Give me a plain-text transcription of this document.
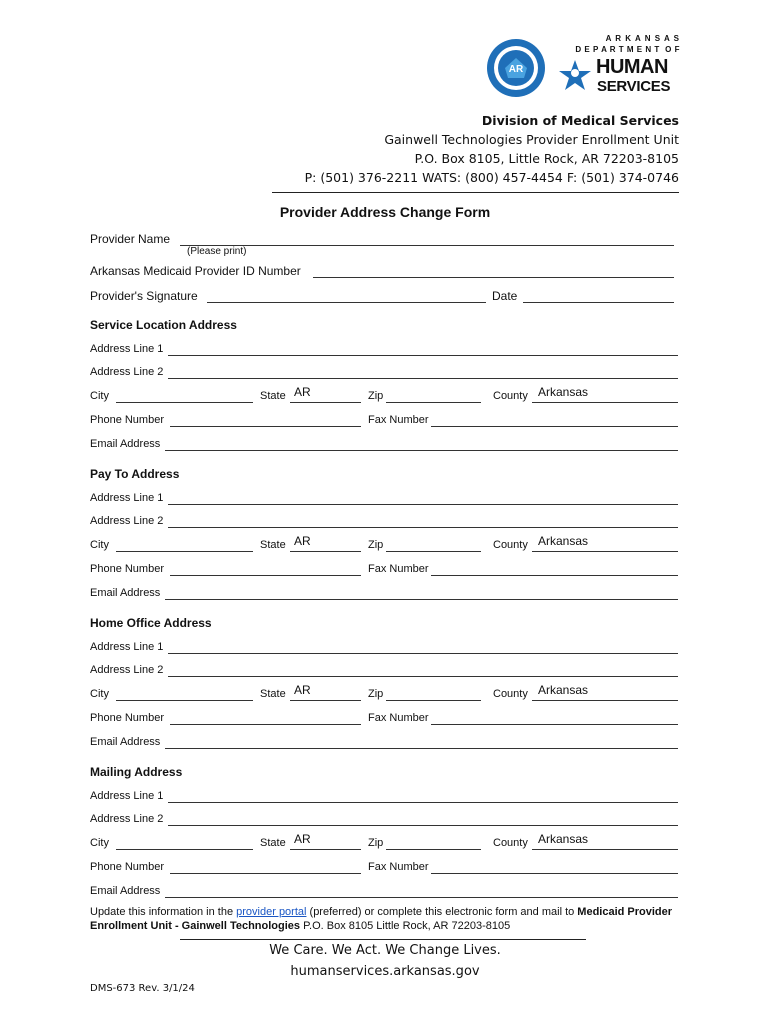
AR
A R K A N S A S
D E P A R T M E N T  O F
HUMAN
SERVICES
Division of Medical Services
Gainwell Technologies Provider Enrollment Unit
P.O. Box 8105, Little Rock, AR 72203-8105
P: (501) 376-2211 WATS: (800) 457-4454 F: (501) 374-0746
Provider Address Change Form
Provider Name
(Please print)
Arkansas Medicaid Provider ID Number
Provider's Signature	Date
Service Location Address
Address Line 1
Address Line 2
City	State AR	Zip	County Arkansas
Phone Number	Fax Number
Email Address
Pay To Address
Address Line 1
Address Line 2
City	State AR	Zip	County Arkansas
Phone Number	Fax Number
Email Address
Home Office Address
Address Line 1
Address Line 2
City	State AR	Zip	County Arkansas
Phone Number	Fax Number
Email Address
Mailing Address
Address Line 1
Address Line 2
City	State AR	Zip	County Arkansas
Phone Number	Fax Number
Email Address
Update this information in the provider portal (preferred) or complete this electronic form and mail to Medicaid Provider Enrollment Unit - Gainwell Technologies P.O. Box 8105 Little Rock, AR 72203-8105
We Care. We Act. We Change Lives.
humanservices.arkansas.gov
DMS-673 Rev. 3/1/24
